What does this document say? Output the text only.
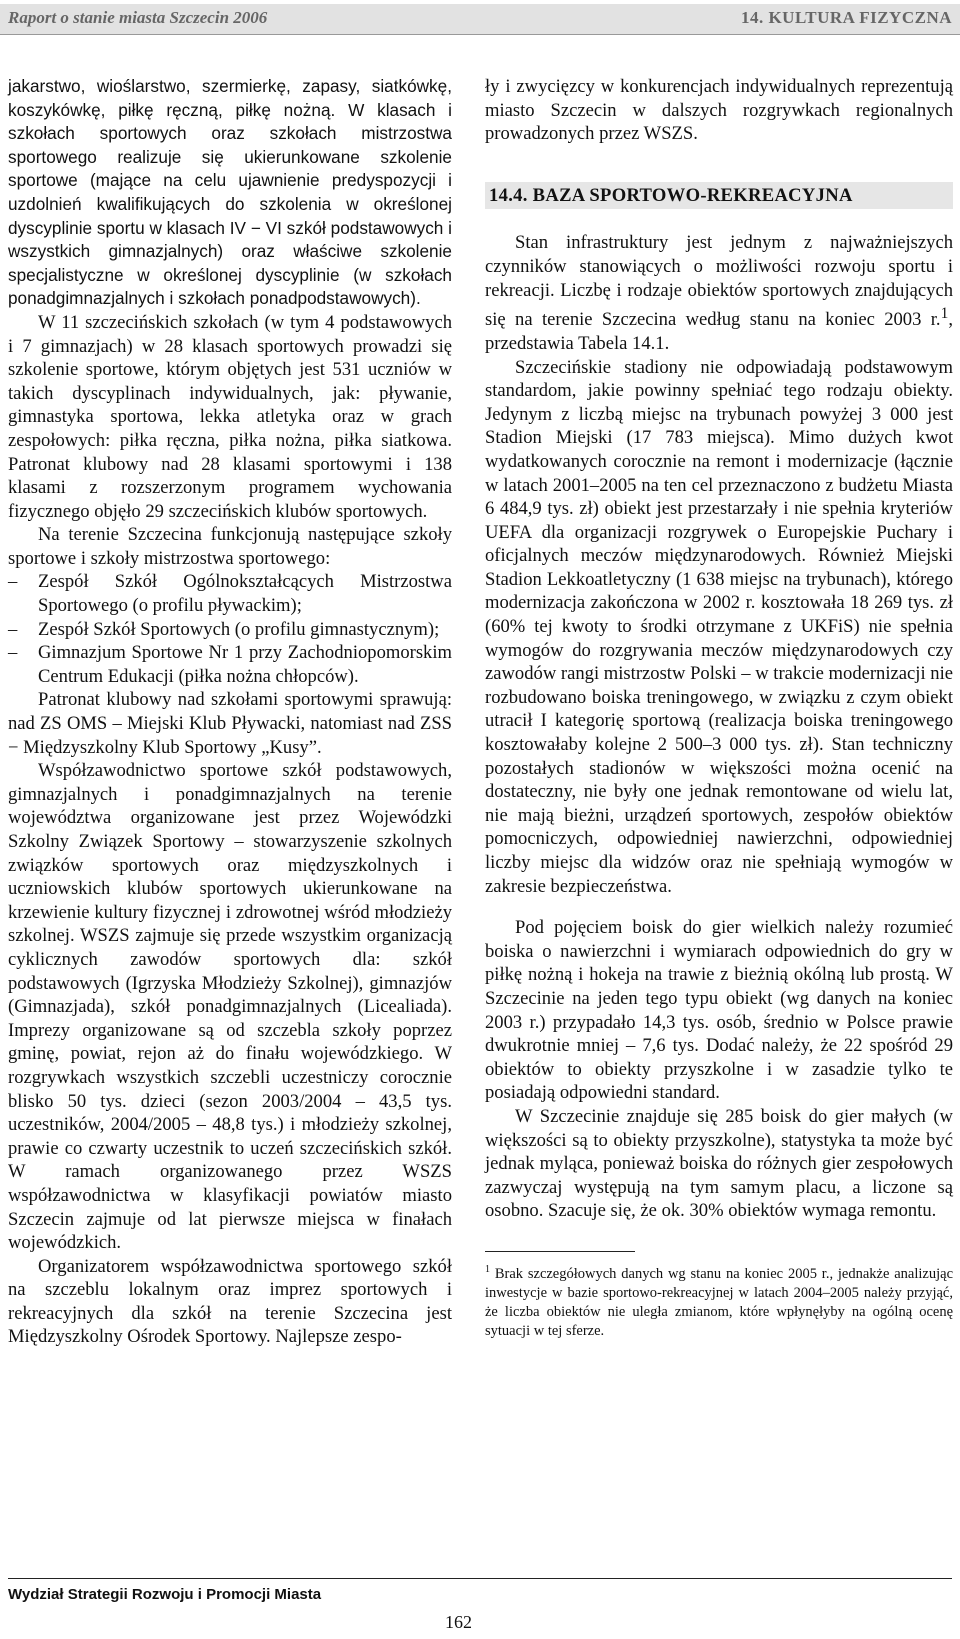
Raport o stanie miasta Szczecin 2006	14. KULTURA FIZYCZNA

jakarstwo, wioślarstwo, szermierkę, zapasy, siatkówkę, koszykówkę, piłkę ręczną, piłkę nożną. W klasach i szkołach sportowych oraz szkołach mistrzostwa sportowego realizuje się ukierunkowane szkolenie sportowe (mające na celu ujawnienie predyspozycji i uzdolnień kwalifikujących do szkolenia w określonej dyscyplinie sportu w klasach IV − VI szkół podstawowych i wszystkich gimnazjalnych) oraz właściwe szkolenie specjalistyczne w określonej dyscyplinie (w szkołach ponadgimnazjalnych i szkołach ponadpodstawowych).

W 11 szczecińskich szkołach (w tym 4 podstawowych i 7 gimnazjach) w 28 klasach sportowych prowadzi się szkolenie sportowe, którym objętych jest 531 uczniów w takich dyscyplinach indywidualnych, jak: pływanie, gimnastyka sportowa, lekka atletyka oraz w grach zespołowych: piłka ręczna, piłka nożna, piłka siatkowa. Patronat klubowy nad 28 klasami sportowymi i 138 klasami z rozszerzonym programem wychowania fizycznego objęło 29 szczecińskich klubów sportowych.

Na terenie Szczecina funkcjonują następujące szkoły sportowe i szkoły mistrzostwa sportowego:

– Zespół Szkół Ogólnokształcących Mistrzostwa Sportowego (o profilu pływackim);
– Zespół Szkół Sportowych (o profilu gimnastycznym);
– Gimnazjum Sportowe Nr 1 przy Zachodniopomorskim Centrum Edukacji (piłka nożna chłopców).

Patronat klubowy nad szkołami sportowymi sprawują: nad ZS OMS – Miejski Klub Pływacki, natomiast nad ZSS − Międzyszkolny Klub Sportowy „Kusy”.

Współzawodnictwo sportowe szkół podstawowych, gimnazjalnych i ponadgimnazjalnych na terenie województwa organizowane jest przez Wojewódzki Szkolny Związek Sportowy – stowarzyszenie szkolnych związków sportowych oraz międzyszkolnych i uczniowskich klubów sportowych ukierunkowane na krzewienie kultury fizycznej i zdrowotnej wśród młodzieży szkolnej. WSZS zajmuje się przede wszystkim organizacją cyklicznych zawodów sportowych dla: szkół podstawowych (Igrzyska Młodzieży Szkolnej), gimnazjów (Gimnazjada), szkół ponadgimnazjalnych (Licealiada). Imprezy organizowane są od szczebla szkoły poprzez gminę, powiat, rejon aż do finału wojewódzkiego. W rozgrywkach wszystkich szczebli uczestniczy corocznie blisko 50 tys. dzieci (sezon 2003/2004 – 43,5 tys. uczestników, 2004/2005 – 48,8 tys.) i młodzieży szkolnej, prawie co czwarty uczestnik to uczeń szczecińskich szkół. W ramach organizowanego przez WSZS współzawodnictwa w klasyfikacji powiatów miasto Szczecin zajmuje od lat pierwsze miejsca w finałach wojewódzkich.

Organizatorem współzawodnictwa sportowego szkół na szczeblu lokalnym oraz imprez sportowych i rekreacyjnych dla szkół na terenie Szczecina jest Międzyszkolny Ośrodek Sportowy. Najlepsze zespo-

ły i zwycięzcy w konkurencjach indywidualnych reprezentują miasto Szczecin w dalszych rozgrywkach regionalnych prowadzonych przez WSZS.

14.4. BAZA SPORTOWO-REKREACYJNA

Stan infrastruktury jest jednym z najważniejszych czynników stanowiących o możliwości rozwoju sportu i rekreacji. Liczbę i rodzaje obiektów sportowych znajdujących się na terenie Szczecina według stanu na koniec 2003 r.$^1$, przedstawia Tabela 14.1.

Szczecińskie stadiony nie odpowiadają podstawowym standardom, jakie powinny spełniać tego rodzaju obiekty. Jedynym z liczbą miejsc na trybunach powyżej 3 000 jest Stadion Miejski (17 783 miejsca). Mimo dużych kwot wydatkowanych corocznie na remont i modernizacje (łącznie w latach 2001–2005 na ten cel przeznaczono z budżetu Miasta 6 484,9 tys. zł) obiekt jest przestarzały i nie spełnia kryteriów UEFA dla organizacji rozgrywek o Europejskie Puchary i oficjalnych meczów międzynarodowych. Również Miejski Stadion Lekkoatletyczny (1 638 miejsc na trybunach), którego modernizacja zakończona w 2002 r. kosztowała 18 269 tys. zł (60% tej kwoty to środki otrzymane z UKFiS) nie spełnia wymogów do rozgrywania meczów międzynarodowych czy zawodów rangi mistrzostw Polski – w trakcie modernizacji nie rozbudowano boiska treningowego, w związku z czym obiekt utracił I kategorię sportową (realizacja boiska treningowego kosztowałaby kolejne 2 500–3 000 tys. zł). Stan techniczny pozostałych stadionów w większości można ocenić na dostateczny, nie były one jednak remontowane od wielu lat, nie mają bieżni, urządzeń sportowych, zespołów obiektów pomocniczych, odpowiedniej nawierzchni, odpowiedniej liczby miejsc dla widzów oraz nie spełniają wymogów w zakresie bezpieczeństwa.

Pod pojęciem boisk do gier wielkich należy rozumieć boiska o nawierzchni i wymiarach odpowiednich do gry w piłkę nożną i hokeja na trawie z bieżnią okólną lub prostą. W Szczecinie na jeden tego typu obiekt (wg danych na koniec 2003 r.) przypadało 14,3 tys. osób, średnio w Polsce prawie dwukrotnie mniej – 7,6 tys. Dodać należy, że 22 spośród 29 obiektów to obiekty przyszkolne i w zasadzie tylko te posiadają odpowiedni standard.

W Szczecinie znajduje się 285 boisk do gier małych (w większości są to obiekty przyszkolne), statystyka ta może być jednak myląca, ponieważ boiska do różnych gier zespołowych zazwyczaj występują na tym samym placu, a liczone są osobno. Szacuje się, że ok. 30% obiektów wymaga remontu.

$^1$ Brak szczegółowych danych wg stanu na koniec 2005 r., jednakże analizując inwestycje w bazie sportowo-rekreacyjnej w latach 2004–2005 należy przyjąć, że liczba obiektów nie uległa zmianom, które wpłynęłyby na ogólną ocenę sytuacji w tej sferze.
Wydział Strategii Rozwoju i Promocji Miasta
162
